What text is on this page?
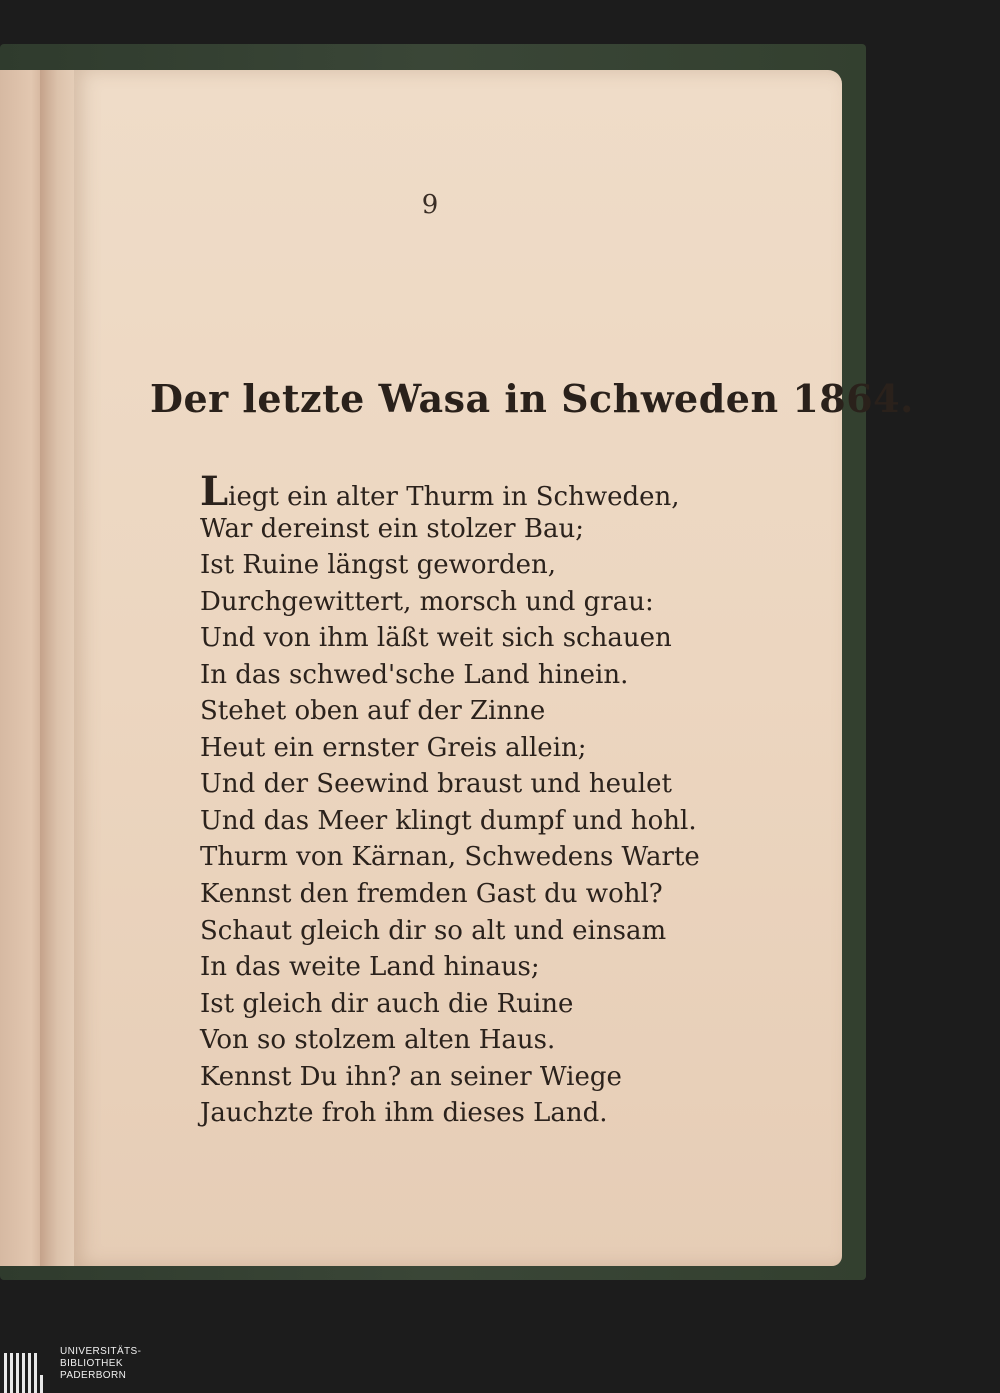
9
Der letzte Wasa in Schweden 1864.
Liegt ein alter Thurm in Schweden,
War dereinst ein stolzer Bau;
Ist Ruine längst geworden,
Durchgewittert, morsch und grau:
Und von ihm läßt weit sich schauen
In das schwed'sche Land hinein.
Stehet oben auf der Zinne
Heut ein ernster Greis allein;
Und der Seewind braust und heulet
Und das Meer klingt dumpf und hohl.
Thurm von Kärnan, Schwedens Warte
Kennst den fremden Gast du wohl?
Schaut gleich dir so alt und einsam
In das weite Land hinaus;
Ist gleich dir auch die Ruine
Von so stolzem alten Haus.
Kennst Du ihn? an seiner Wiege
Jauchzte froh ihm dieses Land.
UNIVERSITÄTS-
BIBLIOTHEK
PADERBORN
